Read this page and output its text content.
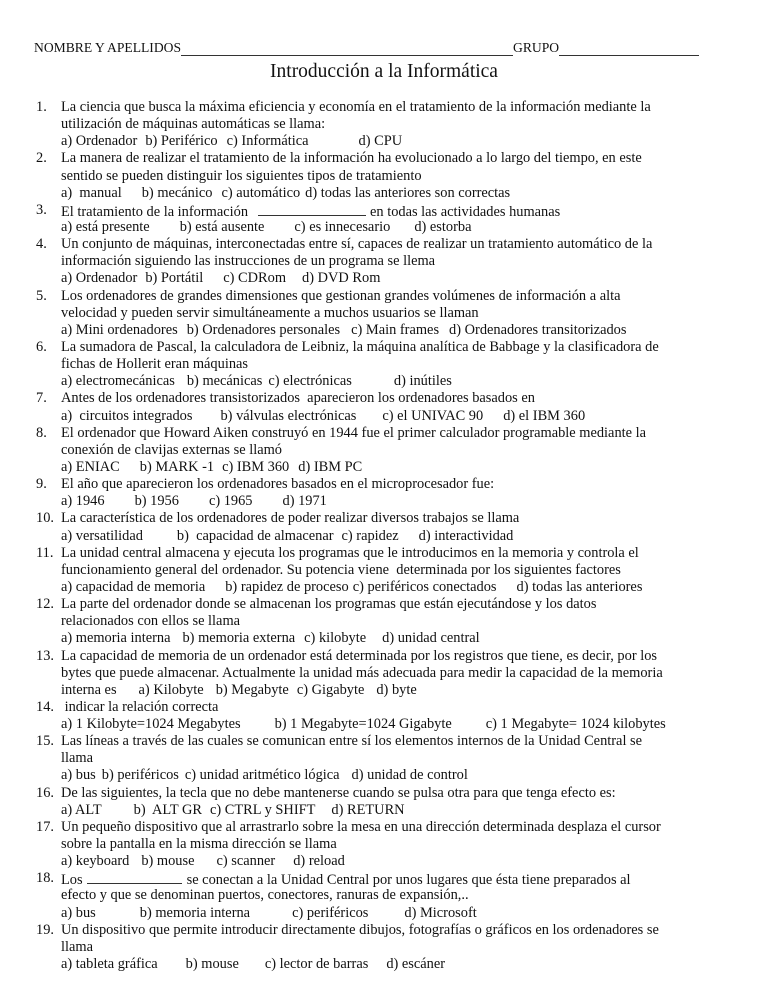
NOMBRE Y APELLIDOS	GRUPO
Introducción a la Informática
1. La ciencia que busca la máxima eficiencia y economía en el tratamiento de la información mediante la
utilización de máquinas automáticas se llama:
a) Ordenador b) Periférico c) Informática	d) CPU
2. La manera de realizar el tratamiento de la información ha evolucionado a lo largo del tiempo, en este
sentido se pueden distinguir los siguientes tipos de tratamiento
a)  manual b) mecánico c) automático d) todas las anteriores son correctas
3. El tratamiento de la información	en todas las actividades humanas
a) está presente b) está ausente c) es innecesario d) estorba
4. Un conjunto de máquinas, interconectadas entre sí, capaces de realizar un tratamiento automático de la
información siguiendo las instrucciones de un programa se llema
a) Ordenador b) Portátil c) CDRom d) DVD Rom
5. Los ordenadores de grandes dimensiones que gestionan grandes volúmenes de información a alta
velocidad y pueden servir simultáneamente a muchos usuarios se llaman
a) Mini ordenadores b) Ordenadores personales c) Main frames d) Ordenadores transitorizados
6. La sumadora de Pascal, la calculadora de Leibniz, la máquina analítica de Babbage y la clasificadora de
fichas de Hollerit eran máquinas
a) electromecánicas b) mecánicas c) electrónicas	d) inútiles
7. Antes de los ordenadores transistorizados  aparecieron los ordenadores basados en
a)  circuitos integrados b) válvulas electrónicas c) el UNIVAC 90 d) el IBM 360
8. El ordenador que Howard Aiken construyó en 1944 fue el primer calculador programable mediante la
conexión de clavijas externas se llamó
a) ENIAC b) MARK -1 c) IBM 360 d) IBM PC
9. El año que aparecieron los ordenadores basados en el microprocesador fue:
a) 1946 b) 1956 c) 1965 d) 1971
10. La característica de los ordenadores de poder realizar diversos trabajos se llama
a) versatilidad b)  capacidad de almacenar c) rapidez d) interactividad
11. La unidad central almacena y ejecuta los programas que le introducimos en la memoria y controla el
funcionamiento general del ordenador. Su potencia viene  determinada por los siguientes factores
a) capacidad de memoria b) rapidez de proceso c) periféricos conectados d) todas las anteriores
12. La parte del ordenador donde se almacenan los programas que están ejecutándose y los datos
relacionados con ellos se llama
a) memoria interna b) memoria externa c) kilobyte d) unidad central
13. La capacidad de memoria de un ordenador está determinada por los registros que tiene, es decir, por los
bytes que puede almacenar. Actualmente la unidad más adecuada para medir la capacidad de la memoria
interna es a) Kilobyte b) Megabyte c) Gigabyte d) byte
14. indicar la relación correcta
a) 1 Kilobyte=1024 Megabytes b) 1 Megabyte=1024 Gigabyte c) 1 Megabyte= 1024 kilobytes
15. Las líneas a través de las cuales se comunican entre sí los elementos internos de la Unidad Central se
llama
a) bus b) periféricos c) unidad aritmético lógica d) unidad de control
16. De las siguientes, la tecla que no debe mantenerse cuando se pulsa otra para que tenga efecto es:
a) ALT b)  ALT GR c) CTRL y SHIFT d) RETURN
17. Un pequeño dispositivo que al arrastrarlo sobre la mesa en una dirección determinada desplaza el cursor
sobre la pantalla en la misma dirección se llama
a) keyboard b) mouse c) scanner d) reload
18. Los	se conectan a la Unidad Central por unos lugares que ésta tiene preparados al
efecto y que se denominan puertos, conectores, ranuras de expansión,..
a) bus	b) memoria interna	c) periféricos	d) Microsoft
19. Un dispositivo que permite introducir directamente dibujos, fotografías o gráficos en los ordenadores se
llama
a) tableta gráfica b) mouse c) lector de barras d) escáner
